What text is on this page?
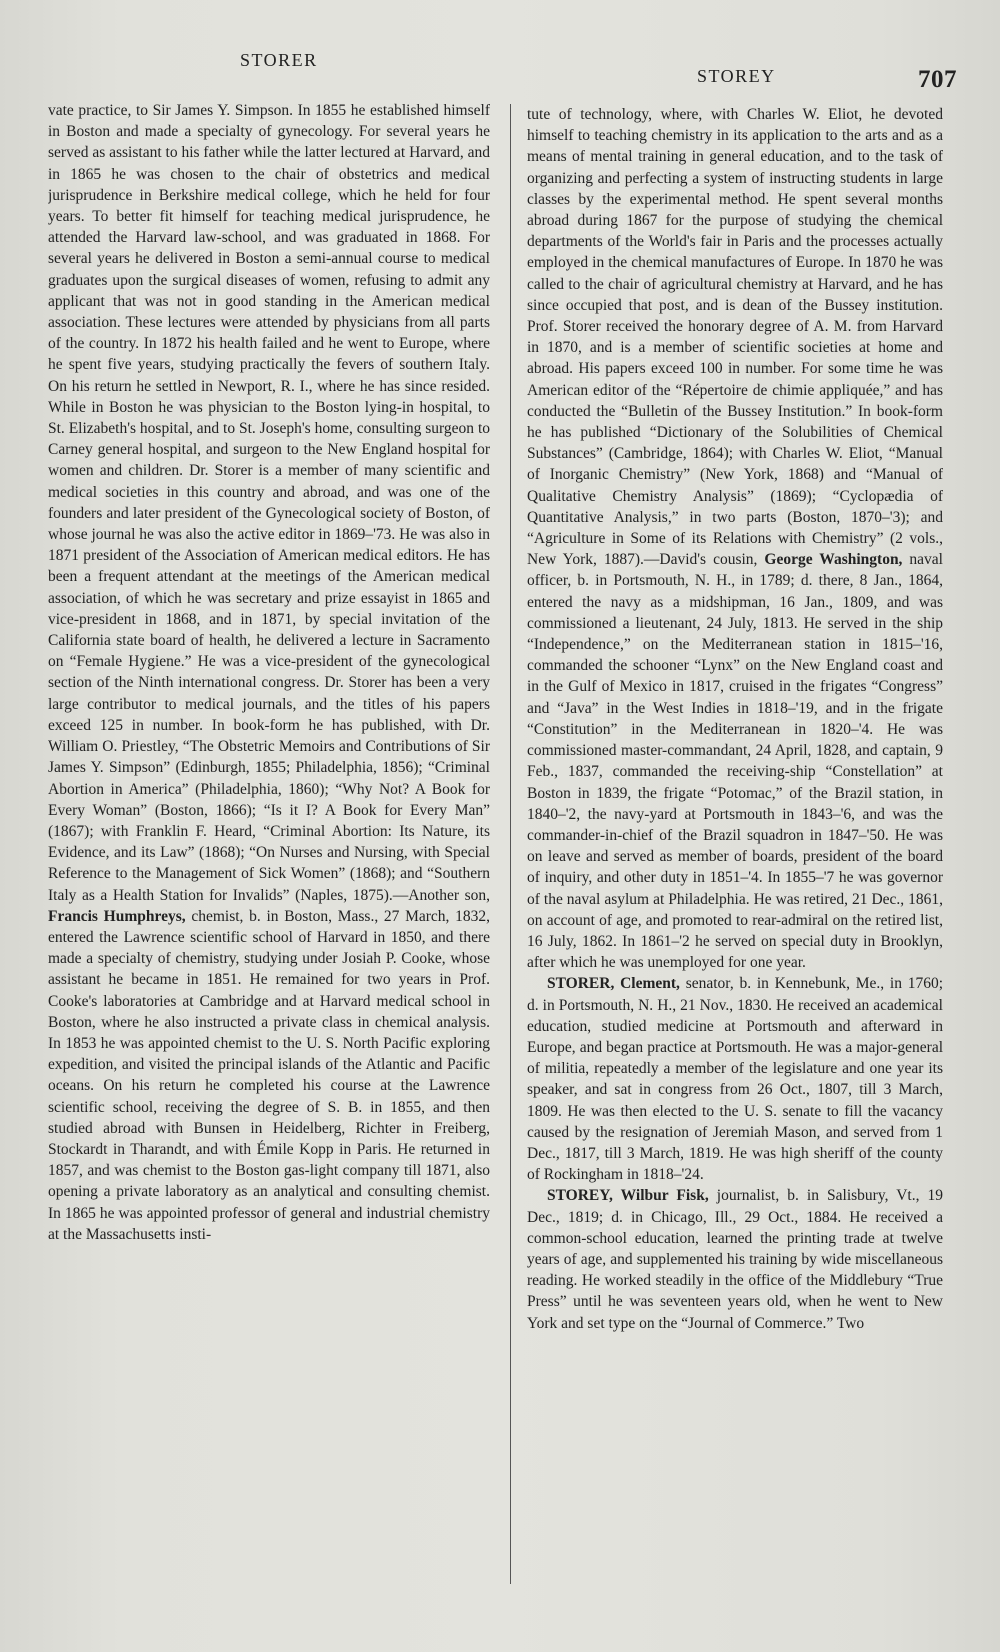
STORER
STOREY	707

vate practice, to Sir James Y. Simpson. In 1855 he established himself in Boston and made a specialty of gynecology. For several years he served as assistant to his father while the latter lectured at Harvard, and in 1865 he was chosen to the chair of obstetrics and medical jurisprudence in Berkshire medical college, which he held for four years. To better fit himself for teaching medical jurisprudence, he attended the Harvard law-school, and was graduated in 1868. For several years he delivered in Boston a semi-annual course to medical graduates upon the surgical diseases of women, refusing to admit any applicant that was not in good standing in the American medical association. These lectures were attended by physicians from all parts of the country. In 1872 his health failed and he went to Europe, where he spent five years, studying practically the fevers of southern Italy. On his return he settled in Newport, R. I., where he has since resided. While in Boston he was physician to the Boston lying-in hospital, to St. Elizabeth's hospital, and to St. Joseph's home, consulting surgeon to Carney general hospital, and surgeon to the New England hospital for women and children. Dr. Storer is a member of many scientific and medical societies in this country and abroad, and was one of the founders and later president of the Gynecological society of Boston, of whose journal he was also the active editor in 1869–'73. He was also in 1871 president of the Association of American medical editors. He has been a frequent attendant at the meetings of the American medical association, of which he was secretary and prize essayist in 1865 and vice-president in 1868, and in 1871, by special invitation of the California state board of health, he delivered a lecture in Sacramento on “Female Hygiene.” He was a vice-president of the gynecological section of the Ninth international congress. Dr. Storer has been a very large contributor to medical journals, and the titles of his papers exceed 125 in number. In book-form he has published, with Dr. William O. Priestley, “The Obstetric Memoirs and Contributions of Sir James Y. Simpson” (Edinburgh, 1855; Philadelphia, 1856); “Criminal Abortion in America” (Philadelphia, 1860); “Why Not? A Book for Every Woman” (Boston, 1866); “Is it I? A Book for Every Man” (1867); with Franklin F. Heard, “Criminal Abortion: Its Nature, its Evidence, and its Law” (1868); “On Nurses and Nursing, with Special Reference to the Management of Sick Women” (1868); and “Southern Italy as a Health Station for Invalids” (Naples, 1875).—Another son, Francis Humphreys, chemist, b. in Boston, Mass., 27 March, 1832, entered the Lawrence scientific school of Harvard in 1850, and there made a specialty of chemistry, studying under Josiah P. Cooke, whose assistant he became in 1851. He remained for two years in Prof. Cooke's laboratories at Cambridge and at Harvard medical school in Boston, where he also instructed a private class in chemical analysis. In 1853 he was appointed chemist to the U. S. North Pacific exploring expedition, and visited the principal islands of the Atlantic and Pacific oceans. On his return he completed his course at the Lawrence scientific school, receiving the degree of S. B. in 1855, and then studied abroad with Bunsen in Heidelberg, Richter in Freiberg, Stockardt in Tharandt, and with Émile Kopp in Paris. He returned in 1857, and was chemist to the Boston gas-light company till 1871, also opening a private laboratory as an analytical and consulting chemist. In 1865 he was appointed professor of general and industrial chemistry at the Massachusetts insti-

tute of technology, where, with Charles W. Eliot, he devoted himself to teaching chemistry in its application to the arts and as a means of mental training in general education, and to the task of organizing and perfecting a system of instructing students in large classes by the experimental method. He spent several months abroad during 1867 for the purpose of studying the chemical departments of the World's fair in Paris and the processes actually employed in the chemical manufactures of Europe. In 1870 he was called to the chair of agricultural chemistry at Harvard, and he has since occupied that post, and is dean of the Bussey institution. Prof. Storer received the honorary degree of A. M. from Harvard in 1870, and is a member of scientific societies at home and abroad. His papers exceed 100 in number. For some time he was American editor of the “Répertoire de chimie appliquée,” and has conducted the “Bulletin of the Bussey Institution.” In book-form he has published “Dictionary of the Solubilities of Chemical Substances” (Cambridge, 1864); with Charles W. Eliot, “Manual of Inorganic Chemistry” (New York, 1868) and “Manual of Qualitative Chemistry Analysis” (1869); “Cyclopædia of Quantitative Analysis,” in two parts (Boston, 1870–'3); and “Agriculture in Some of its Relations with Chemistry” (2 vols., New York, 1887).—David's cousin, George Washington, naval officer, b. in Portsmouth, N. H., in 1789; d. there, 8 Jan., 1864, entered the navy as a midshipman, 16 Jan., 1809, and was commissioned a lieutenant, 24 July, 1813. He served in the ship “Independence,” on the Mediterranean station in 1815–'16, commanded the schooner “Lynx” on the New England coast and in the Gulf of Mexico in 1817, cruised in the frigates “Congress” and “Java” in the West Indies in 1818–'19, and in the frigate “Constitution” in the Mediterranean in 1820–'4. He was commissioned master-commandant, 24 April, 1828, and captain, 9 Feb., 1837, commanded the receiving-ship “Constellation” at Boston in 1839, the frigate “Potomac,” of the Brazil station, in 1840–'2, the navy-yard at Portsmouth in 1843–'6, and was the commander-in-chief of the Brazil squadron in 1847–'50. He was on leave and served as member of boards, president of the board of inquiry, and other duty in 1851–'4. In 1855–'7 he was governor of the naval asylum at Philadelphia. He was retired, 21 Dec., 1861, on account of age, and promoted to rear-admiral on the retired list, 16 July, 1862. In 1861–'2 he served on special duty in Brooklyn, after which he was unemployed for one year.

STORER, Clement, senator, b. in Kennebunk, Me., in 1760; d. in Portsmouth, N. H., 21 Nov., 1830. He received an academical education, studied medicine at Portsmouth and afterward in Europe, and began practice at Portsmouth. He was a major-general of militia, repeatedly a member of the legislature and one year its speaker, and sat in congress from 26 Oct., 1807, till 3 March, 1809. He was then elected to the U. S. senate to fill the vacancy caused by the resignation of Jeremiah Mason, and served from 1 Dec., 1817, till 3 March, 1819. He was high sheriff of the county of Rockingham in 1818–'24.

STOREY, Wilbur Fisk, journalist, b. in Salisbury, Vt., 19 Dec., 1819; d. in Chicago, Ill., 29 Oct., 1884. He received a common-school education, learned the printing trade at twelve years of age, and supplemented his training by wide miscellaneous reading. He worked steadily in the office of the Middlebury “True Press” until he was seventeen years old, when he went to New York and set type on the “Journal of Commerce.” Two
